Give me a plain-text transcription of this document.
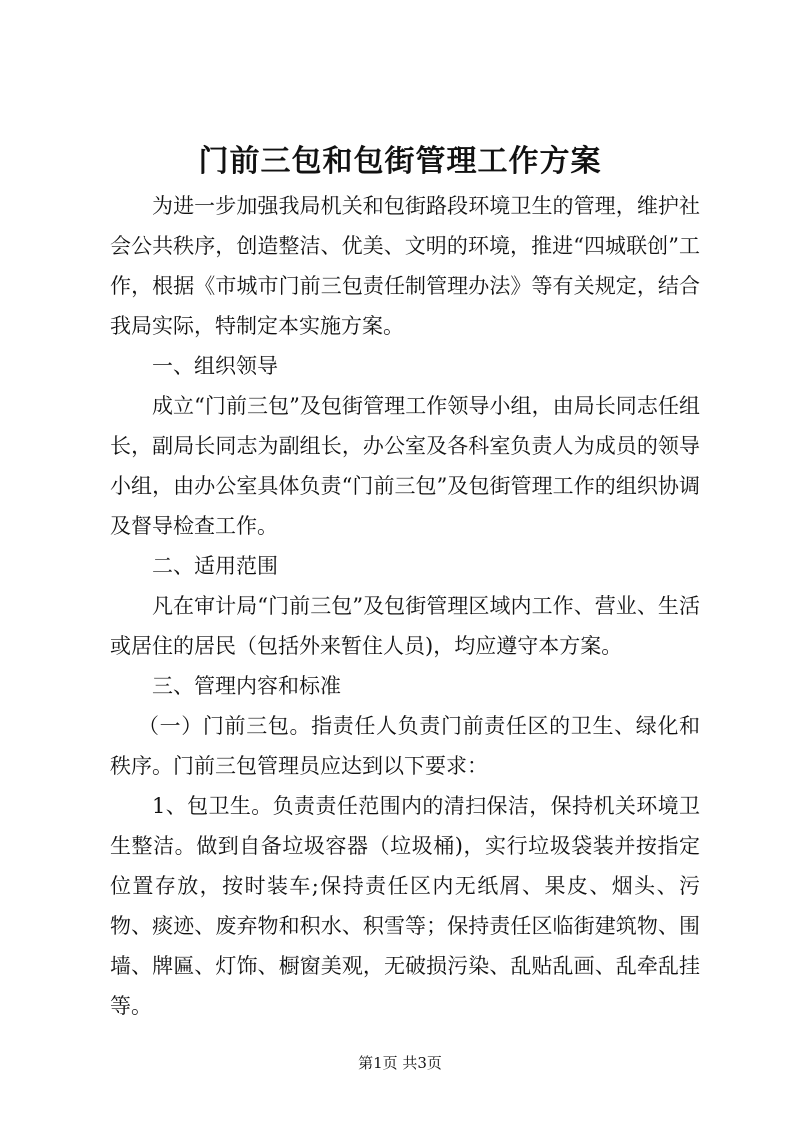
门前三包和包街管理工作方案

为进一步加强我局机关和包街路段环境卫生的管理，维护社会公共秩序，创造整洁、优美、文明的环境，推进“四城联创”工作，根据《市城市门前三包责任制管理办法》等有关规定，结合我局实际，特制定本实施方案。

一、组织领导

成立“门前三包”及包街管理工作领导小组，由局长同志任组长，副局长同志为副组长，办公室及各科室负责人为成员的领导小组，由办公室具体负责“门前三包”及包街管理工作的组织协调及督导检查工作。

二、适用范围

凡在审计局“门前三包”及包街管理区域内工作、营业、生活或居住的居民（包括外来暂住人员)，均应遵守本方案。

三、管理内容和标准

（一）门前三包。指责任人负责门前责任区的卫生、绿化和秩序。门前三包管理员应达到以下要求：

1、包卫生。负责责任范围内的清扫保洁，保持机关环境卫生整洁。做到自备垃圾容器（垃圾桶)，实行垃圾袋装并按指定位置存放，按时装车;保持责任区内无纸屑、果皮、烟头、污物、痰迹、废弃物和积水、积雪等；保持责任区临街建筑物、围墙、牌匾、灯饰、橱窗美观，无破损污染、乱贴乱画、乱牵乱挂等。

第1页 共3页
